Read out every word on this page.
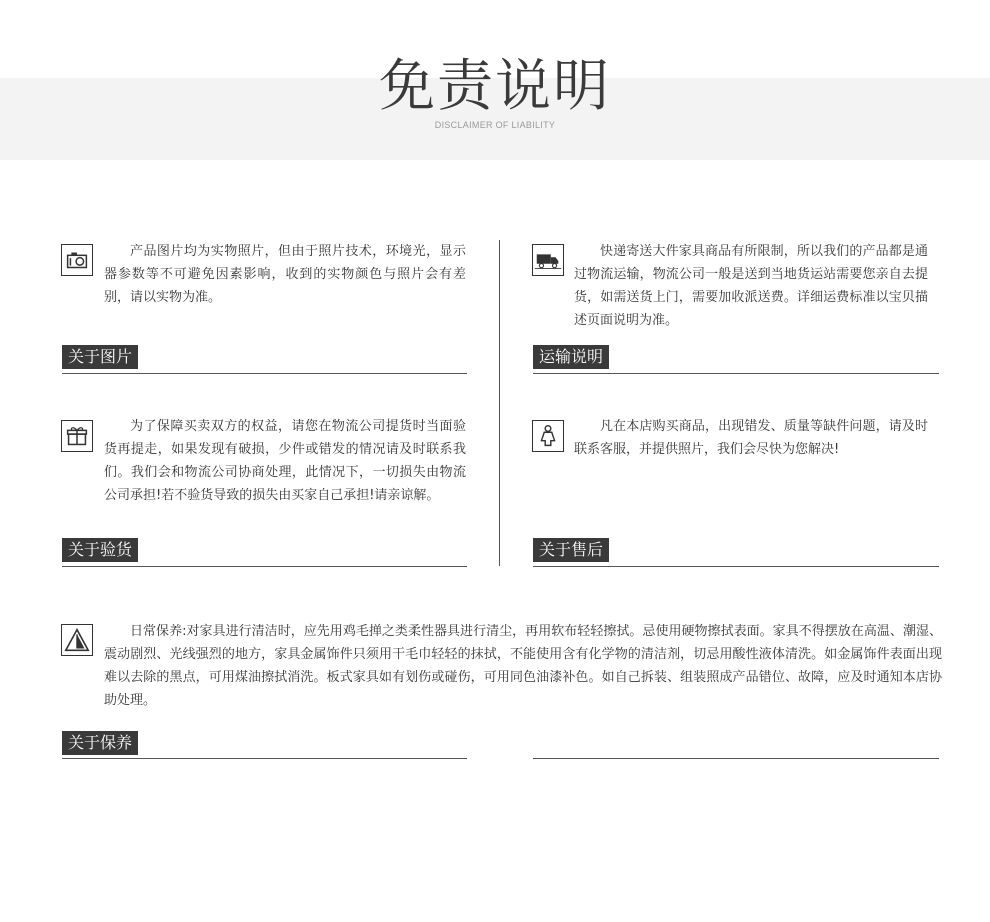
免责说明
DISCLAIMER OF LIABILITY
产品图片均为实物照片，但由于照片技术，环境光，显示器参数等不可避免因素影响，收到的实物颜色与照片会有差别，请以实物为准。
关于图片
快递寄送大件家具商品有所限制，所以我们的产品都是通过物流运输，物流公司一般是送到当地货运站需要您亲自去提货，如需送货上门，需要加收派送费。详细运费标准以宝贝描述页面说明为准。
运输说明
为了保障买卖双方的权益，请您在物流公司提货时当面验货再提走，如果发现有破损，少件或错发的情况请及时联系我们。我们会和物流公司协商处理，此情况下，一切损失由物流公司承担!若不验货导致的损失由买家自己承担!请亲谅解。
关于验货
凡在本店购买商品，出现错发、质量等缺件问题，请及时联系客服，并提供照片，我们会尽快为您解决!
关于售后
日常保养:对家具进行清洁时，应先用鸡毛掸之类柔性器具进行清尘，再用软布轻轻擦拭。忌使用硬物擦拭表面。家具不得摆放在高温、潮湿、震动剧烈、光线强烈的地方，家具金属饰件只须用干毛巾轻轻的抹拭，不能使用含有化学物的清洁剂，切忌用酸性液体清洗。如金属饰件表面出现难以去除的黑点，可用煤油擦拭消洗。板式家具如有划伤或碰伤，可用同色油漆补色。如自己拆装、组装照成产品错位、故障，应及时通知本店协助处理。
关于保养
